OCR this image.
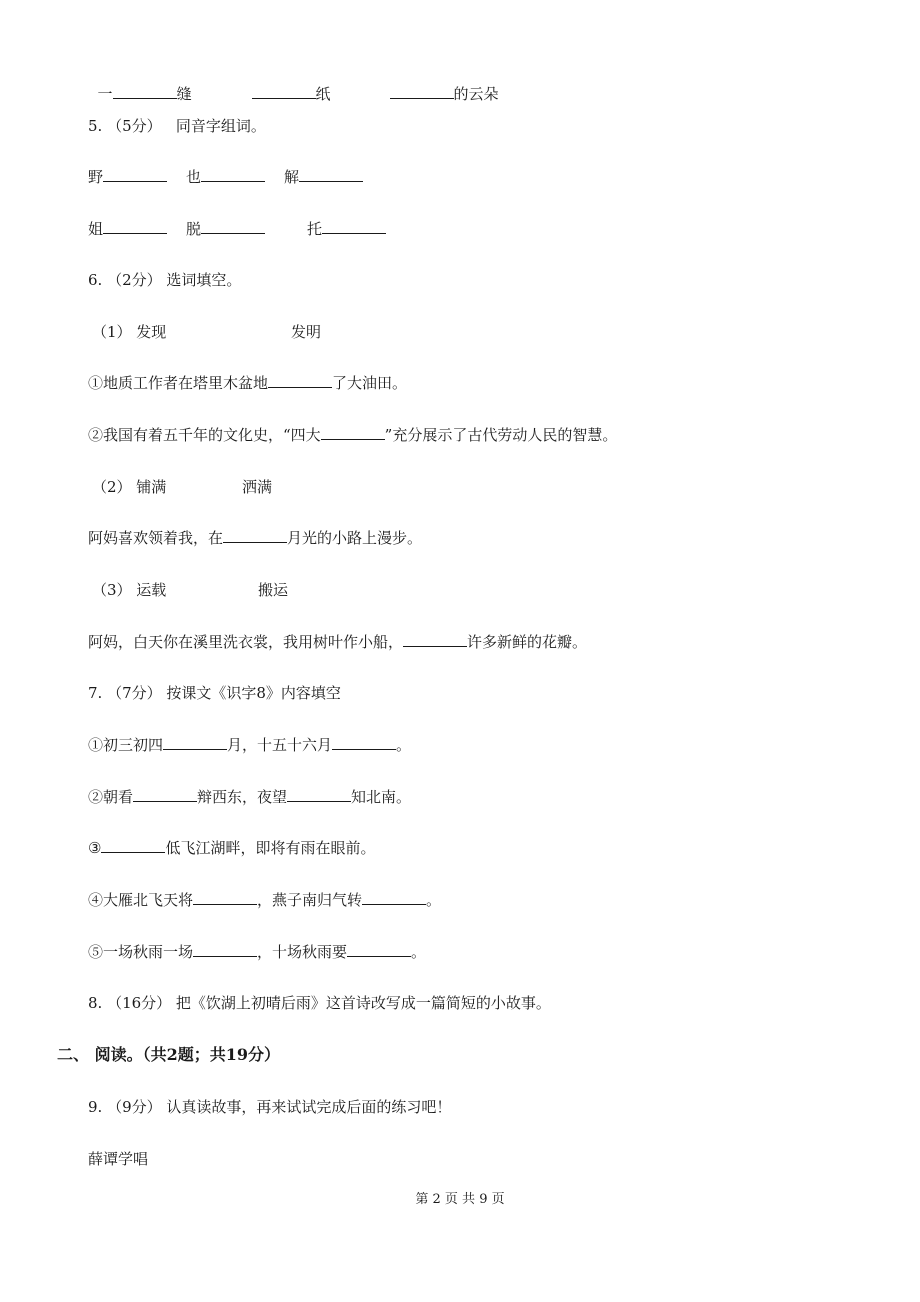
一	缝	纸	的云朵

5. （5分）   同音字组词。
野	也	解
姐	脱	托
6. （2分） 选词填空。
（1） 发现	发明
①地质工作者在塔里木盆地	了大油田。
②我国有着五千年的文化史，“四大	”充分展示了古代劳动人民的智慧。
（2） 铺满	洒满
阿妈喜欢领着我，在	月光的小路上漫步。
（3） 运载	搬运
阿妈，白天你在溪里洗衣裳，我用树叶作小船，	许多新鲜的花瓣。
7. （7分） 按课文《识字8》内容填空
①初三初四	月，十五十六月	。
②朝看	辩西东，夜望	知北南。
③	低飞江湖畔，即将有雨在眼前。
④大雁北飞天将	，燕子南归气转	。
⑤一场秋雨一场	，十场秋雨要	。
8. （16分） 把《饮湖上初晴后雨》这首诗改写成一篇简短的小故事。
二、 阅读。（共2题；共19分）
9. （9分） 认真读故事，再来试试完成后面的练习吧！
薛谭学唱
第 2 页 共 9 页
